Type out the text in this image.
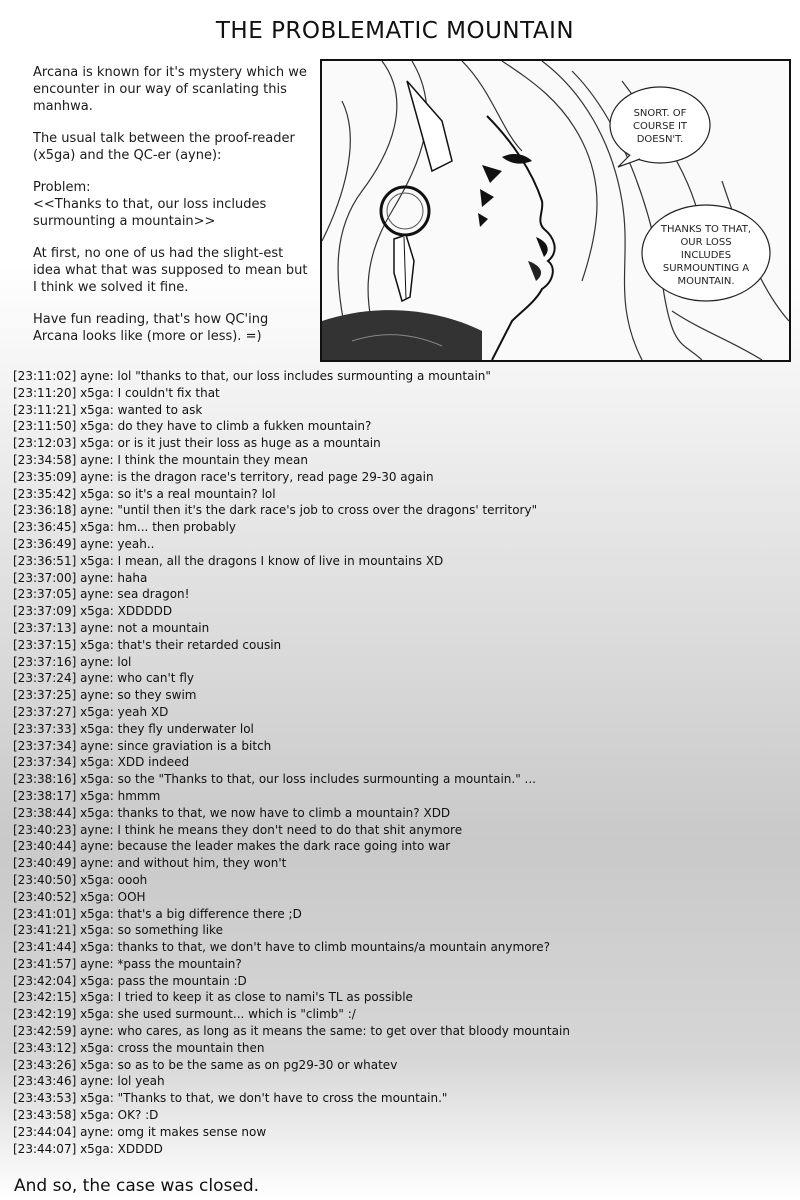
THE PROBLEMATIC MOUNTAIN

Arcana is known for it's mystery which we encounter in our way of scanlating this manhwa.

The usual talk between the proof-reader (x5ga) and the QC-er (ayne):

Problem:
<<Thanks to that, our loss includes surmounting a mountain>>

At first, no one of us had the slight-est idea what that was supposed to mean but I think we solved it fine.

Have fun reading, that's how QC'ing Arcana looks like (more or less). =)

SNORT. OF COURSE IT DOESN'T.
THANKS TO THAT, OUR LOSS INCLUDES SURMOUNTING A MOUNTAIN.
[23:11:02] ayne: lol "thanks to that, our loss includes surmounting a mountain"
[23:11:20] x5ga: I couldn't fix that
[23:11:21] x5ga: wanted to ask
[23:11:50] x5ga: do they have to climb a fukken mountain?
[23:12:03] x5ga: or is it just their loss as huge as a mountain
[23:34:58] ayne: I think the mountain they mean
[23:35:09] ayne: is the dragon race's territory, read page 29-30 again
[23:35:42] x5ga: so it's a real mountain? lol
[23:36:18] ayne: "until then it's the dark race's job to cross over the dragons' territory"
[23:36:45] x5ga: hm... then probably
[23:36:49] ayne: yeah..
[23:36:51] x5ga: I mean, all the dragons I know of live in mountains XD
[23:37:00] ayne: haha
[23:37:05] ayne: sea dragon!
[23:37:09] x5ga: XDDDDD
[23:37:13] ayne: not a mountain
[23:37:15] x5ga: that's their retarded cousin
[23:37:16] ayne: lol
[23:37:24] ayne: who can't fly
[23:37:25] ayne: so they swim
[23:37:27] x5ga: yeah XD
[23:37:33] x5ga: they fly underwater lol
[23:37:34] ayne: since graviation is a bitch
[23:37:34] x5ga: XDD indeed
[23:38:16] x5ga: so the "Thanks to that, our loss includes surmounting a mountain." ...
[23:38:17] x5ga: hmmm
[23:38:44] x5ga: thanks to that, we now have to climb a mountain? XDD
[23:40:23] ayne: I think he means they don't need to do that shit anymore
[23:40:44] ayne: because the leader makes the dark race going into war
[23:40:49] ayne: and without him, they won't
[23:40:50] x5ga: oooh
[23:40:52] x5ga: OOH
[23:41:01] x5ga: that's a big difference there ;D
[23:41:21] x5ga: so something like
[23:41:44] x5ga: thanks to that, we don't have to climb mountains/a mountain anymore?
[23:41:57] ayne: *pass the mountain?
[23:42:04] x5ga: pass the mountain :D
[23:42:15] x5ga: I tried to keep it as close to nami's TL as possible
[23:42:19] x5ga: she used surmount... which is "climb" :/
[23:42:59] ayne: who cares, as long as it means the same: to get over that bloody mountain
[23:43:12] x5ga: cross the mountain then
[23:43:26] x5ga: so as to be the same as on pg29-30 or whatev
[23:43:46] ayne: lol yeah
[23:43:53] x5ga: "Thanks to that, we don't have to cross the mountain."
[23:43:58] x5ga: OK? :D
[23:44:04] ayne: omg it makes sense now
[23:44:07] x5ga: XDDDD
And so, the case was closed.
